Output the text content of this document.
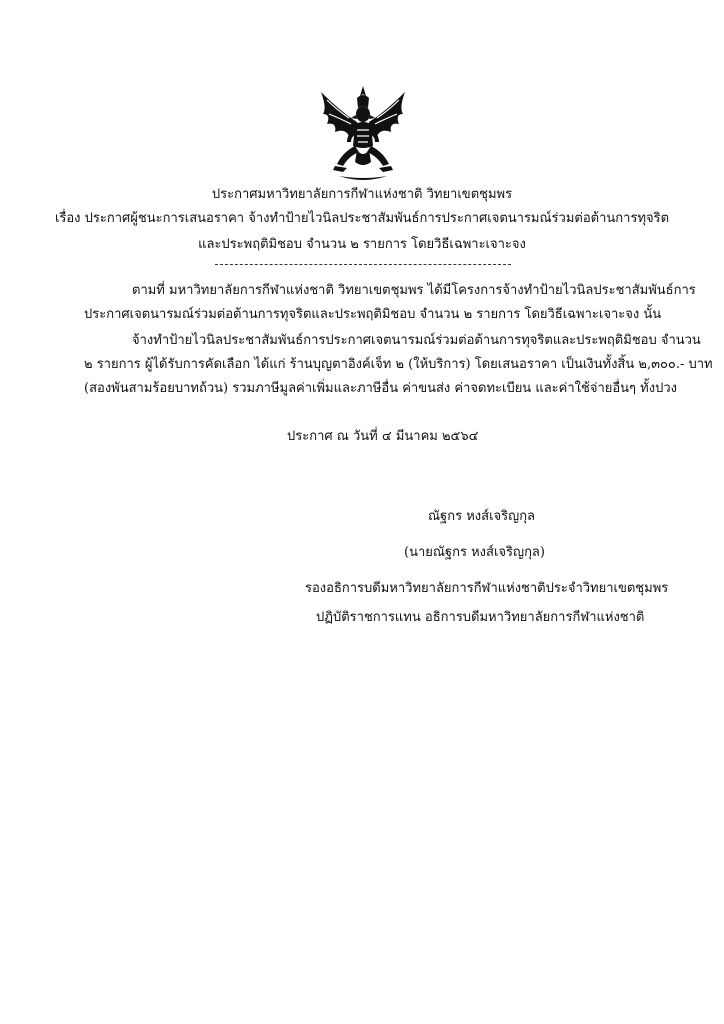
ประกาศมหาวิทยาลัยการกีฬาแห่งชาติ วิทยาเขตชุมพร
เรื่อง ประกาศผู้ชนะการเสนอราคา จ้างทำป้ายไวนิลประชาสัมพันธ์การประกาศเจตนารมณ์ร่วมต่อต้านการทุจริต
และประพฤติมิชอบ จำนวน ๒ รายการ โดยวิธีเฉพาะเจาะจง
ตามที่ มหาวิทยาลัยการกีฬาแห่งชาติ วิทยาเขตชุมพร ได้มีโครงการจ้างทำป้ายไวนิลประชาสัมพันธ์การ
ประกาศเจตนารมณ์ร่วมต่อต้านการทุจริตและประพฤติมิชอบ จำนวน ๒ รายการ โดยวิธีเฉพาะเจาะจง นั้น
จ้างทำป้ายไวนิลประชาสัมพันธ์การประกาศเจตนารมณ์ร่วมต่อต้านการทุจริตและประพฤติมิชอบ จำนวน
๒ รายการ ผู้ได้รับการคัดเลือก ได้แก่ ร้านบุญตาอิงค์เจ็ท ๒ (ให้บริการ) โดยเสนอราคา เป็นเงินทั้งสิ้น ๒,๓๐๐.- บาท
(สองพันสามร้อยบาทถ้วน) รวมภาษีมูลค่าเพิ่มและภาษีอื่น ค่าขนส่ง ค่าจดทะเบียน และค่าใช้จ่ายอื่นๆ ทั้งปวง
ประกาศ ณ วันที่ ๔ มีนาคม ๒๕๖๔
ณัฐกร หงส์เจริญกุล
(นายณัฐกร หงส์เจริญกุล)
รองอธิการบดีมหาวิทยาลัยการกีฬาแห่งชาติประจำวิทยาเขตชุมพร
ปฏิบัติราชการแทน อธิการบดีมหาวิทยาลัยการกีฬาแห่งชาติ
